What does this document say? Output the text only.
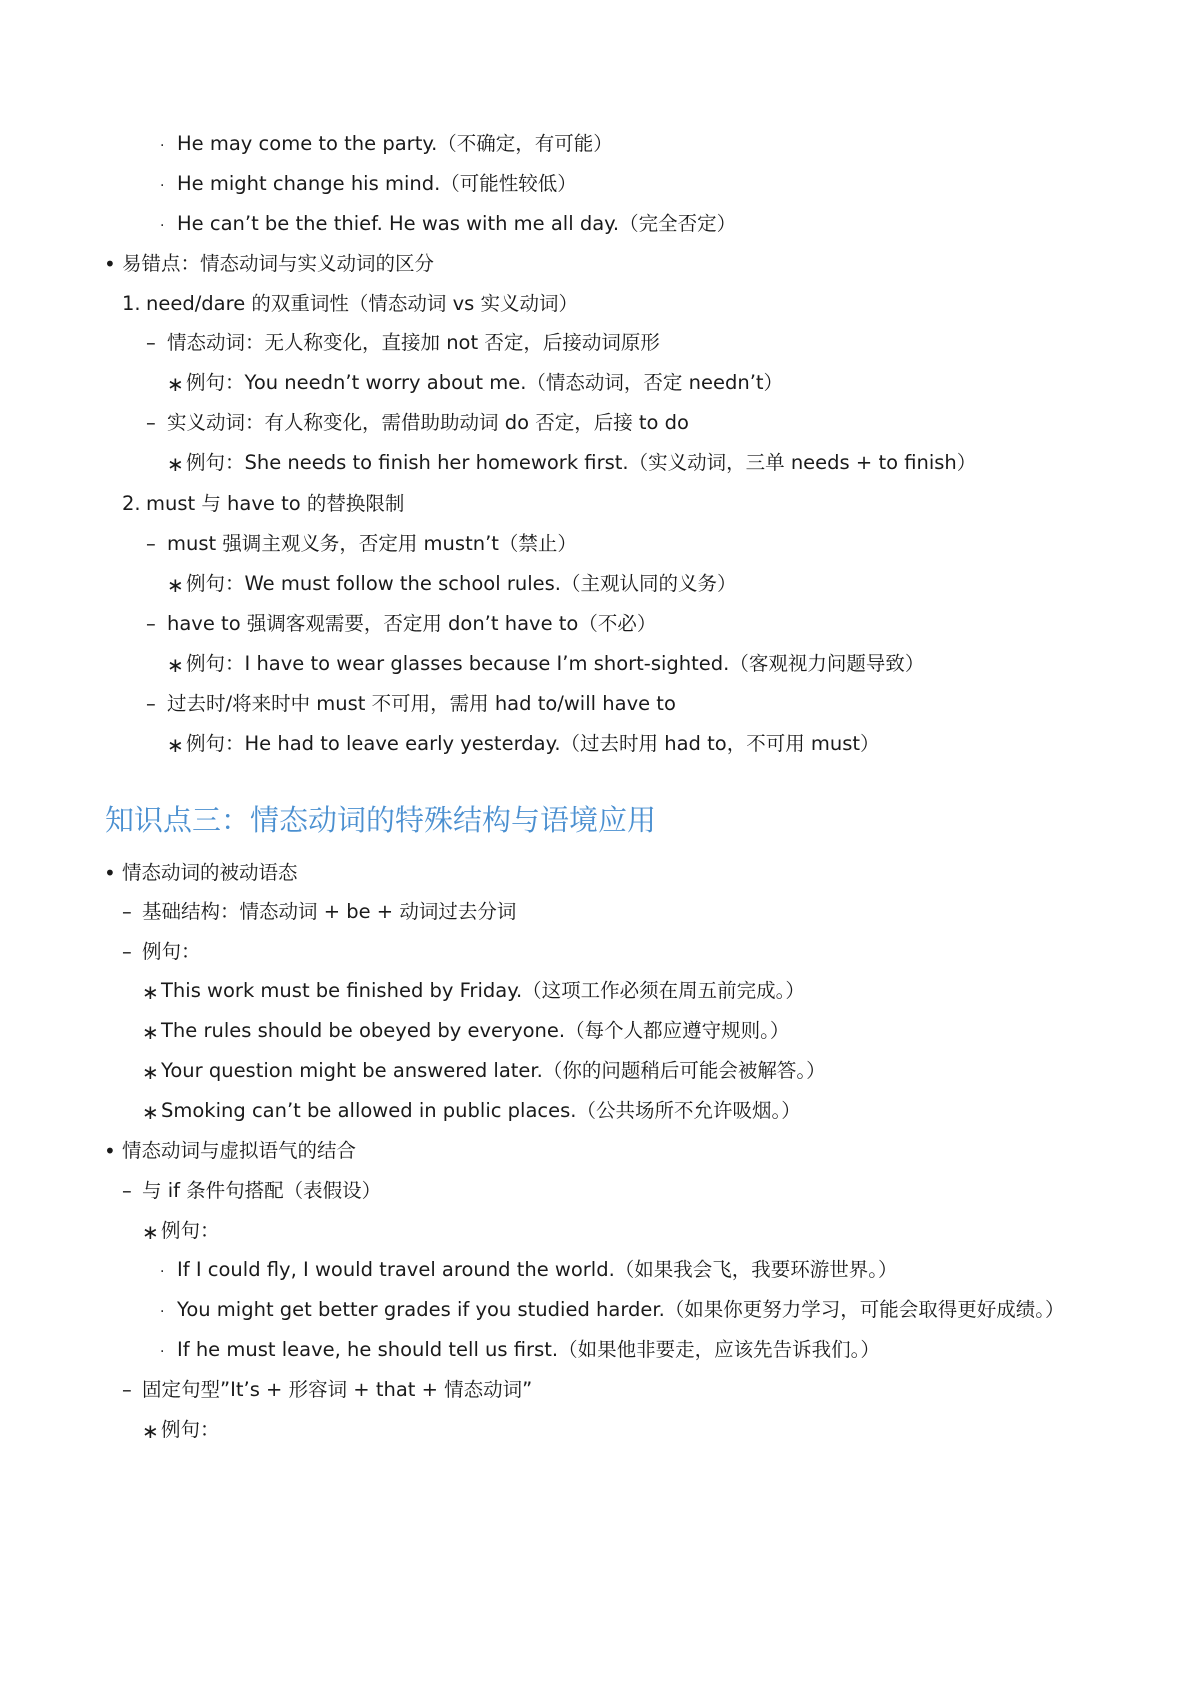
· He may come to the party.（不确定，有可能）
· He might change his mind.（可能性较低）
· He can’t be the thief. He was with me all day.（完全否定）
• 易错点：情态动词与实义动词的区分
1. need/dare 的双重词性（情态动词 vs 实义动词）
– 情态动词：无人称变化，直接加 not 否定，后接动词原形
∗ 例句：You needn’t worry about me.（情态动词，否定 needn’t）
– 实义动词：有人称变化，需借助助动词 do 否定，后接 to do
∗ 例句：She needs to finish her homework first.（实义动词，三单 needs + to finish）
2. must 与 have to 的替换限制
– must 强调主观义务，否定用 mustn’t（禁止）
∗ 例句：We must follow the school rules.（主观认同的义务）
– have to 强调客观需要，否定用 don’t have to（不必）
∗ 例句：I have to wear glasses because I’m short-sighted.（客观视力问题导致）
– 过去时/将来时中 must 不可用，需用 had to/will have to
∗ 例句：He had to leave early yesterday.（过去时用 had to，不可用 must）
知识点三：情态动词的特殊结构与语境应用
• 情态动词的被动语态
– 基础结构：情态动词 + be + 动词过去分词
– 例句：
∗ This work must be finished by Friday.（这项工作必须在周五前完成。）
∗ The rules should be obeyed by everyone.（每个人都应遵守规则。）
∗ Your question might be answered later.（你的问题稍后可能会被解答。）
∗ Smoking can’t be allowed in public places.（公共场所不允许吸烟。）
• 情态动词与虚拟语气的结合
– 与 if 条件句搭配（表假设）
∗ 例句：
· If I could fly, I would travel around the world.（如果我会飞，我要环游世界。）
· You might get better grades if you studied harder.（如果你更努力学习，可能会取得更好成绩。）
· If he must leave, he should tell us first.（如果他非要走，应该先告诉我们。）
– 固定句型”It’s + 形容词 + that + 情态动词”
∗ 例句：
